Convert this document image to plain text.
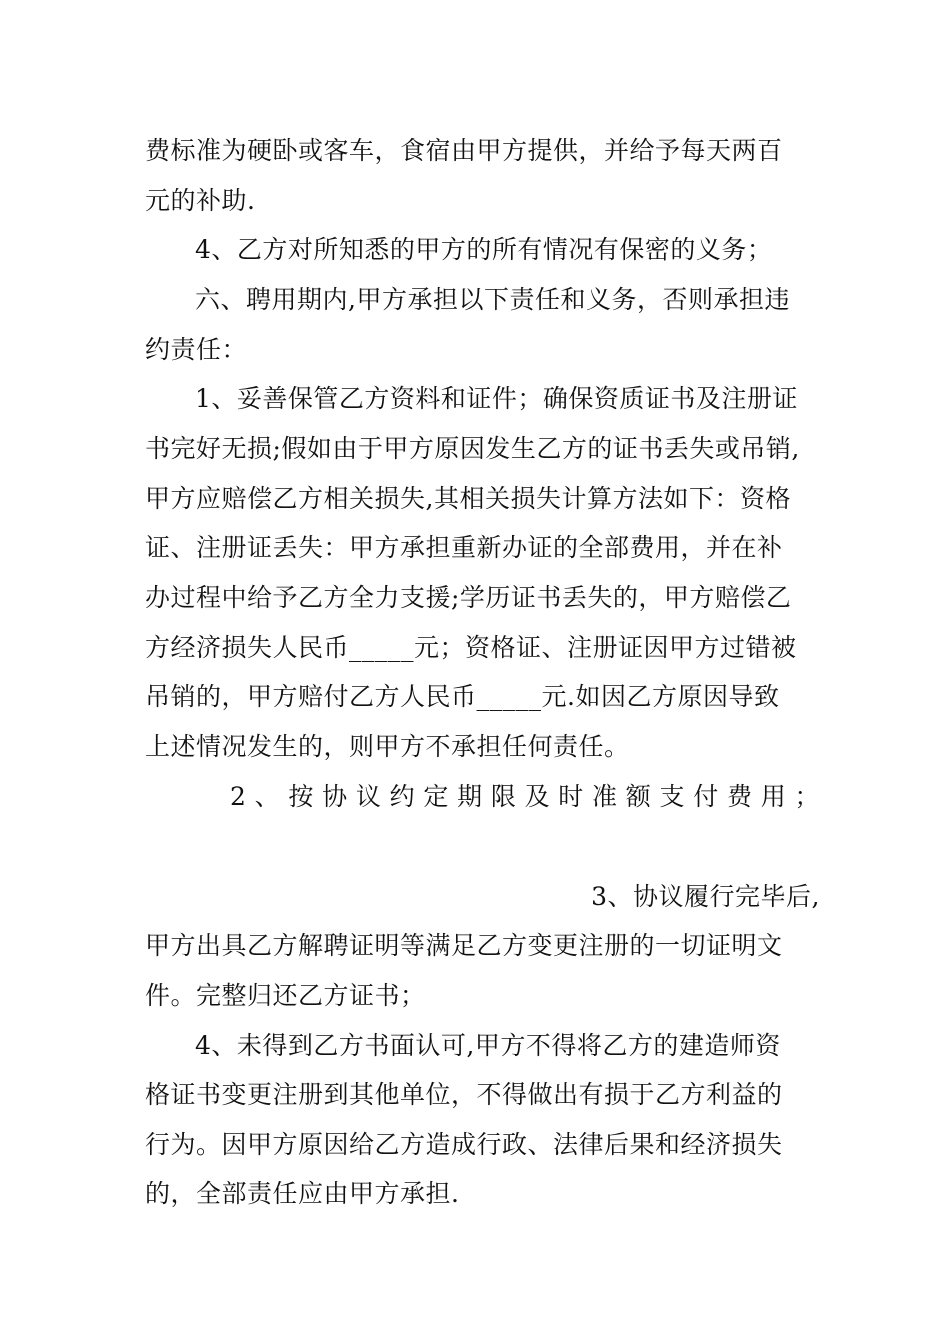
费标准为硬卧或客车，食宿由甲方提供，并给予每天两百
元的补助.
4、乙方对所知悉的甲方的所有情况有保密的义务；
六、聘用期内,甲方承担以下责任和义务，否则承担违
约责任：
1、妥善保管乙方资料和证件；确保资质证书及注册证
书完好无损;假如由于甲方原因发生乙方的证书丢失或吊销,
甲方应赔偿乙方相关损失,其相关损失计算方法如下：资格
证、注册证丢失：甲方承担重新办证的全部费用，并在补
办过程中给予乙方全力支援;学历证书丢失的，甲方赔偿乙
方经济损失人民币_____元；资格证、注册证因甲方过错被
吊销的，甲方赔付乙方人民币_____元.如因乙方原因导致
上述情况发生的，则甲方不承担任何责任。
2、按协议约定期限及时准额支付费用；
3、协议履行完毕后,
甲方出具乙方解聘证明等满足乙方变更注册的一切证明文
件。完整归还乙方证书；
4、未得到乙方书面认可,甲方不得将乙方的建造师资
格证书变更注册到其他单位，不得做出有损于乙方利益的
行为。因甲方原因给乙方造成行政、法律后果和经济损失
的，全部责任应由甲方承担.
